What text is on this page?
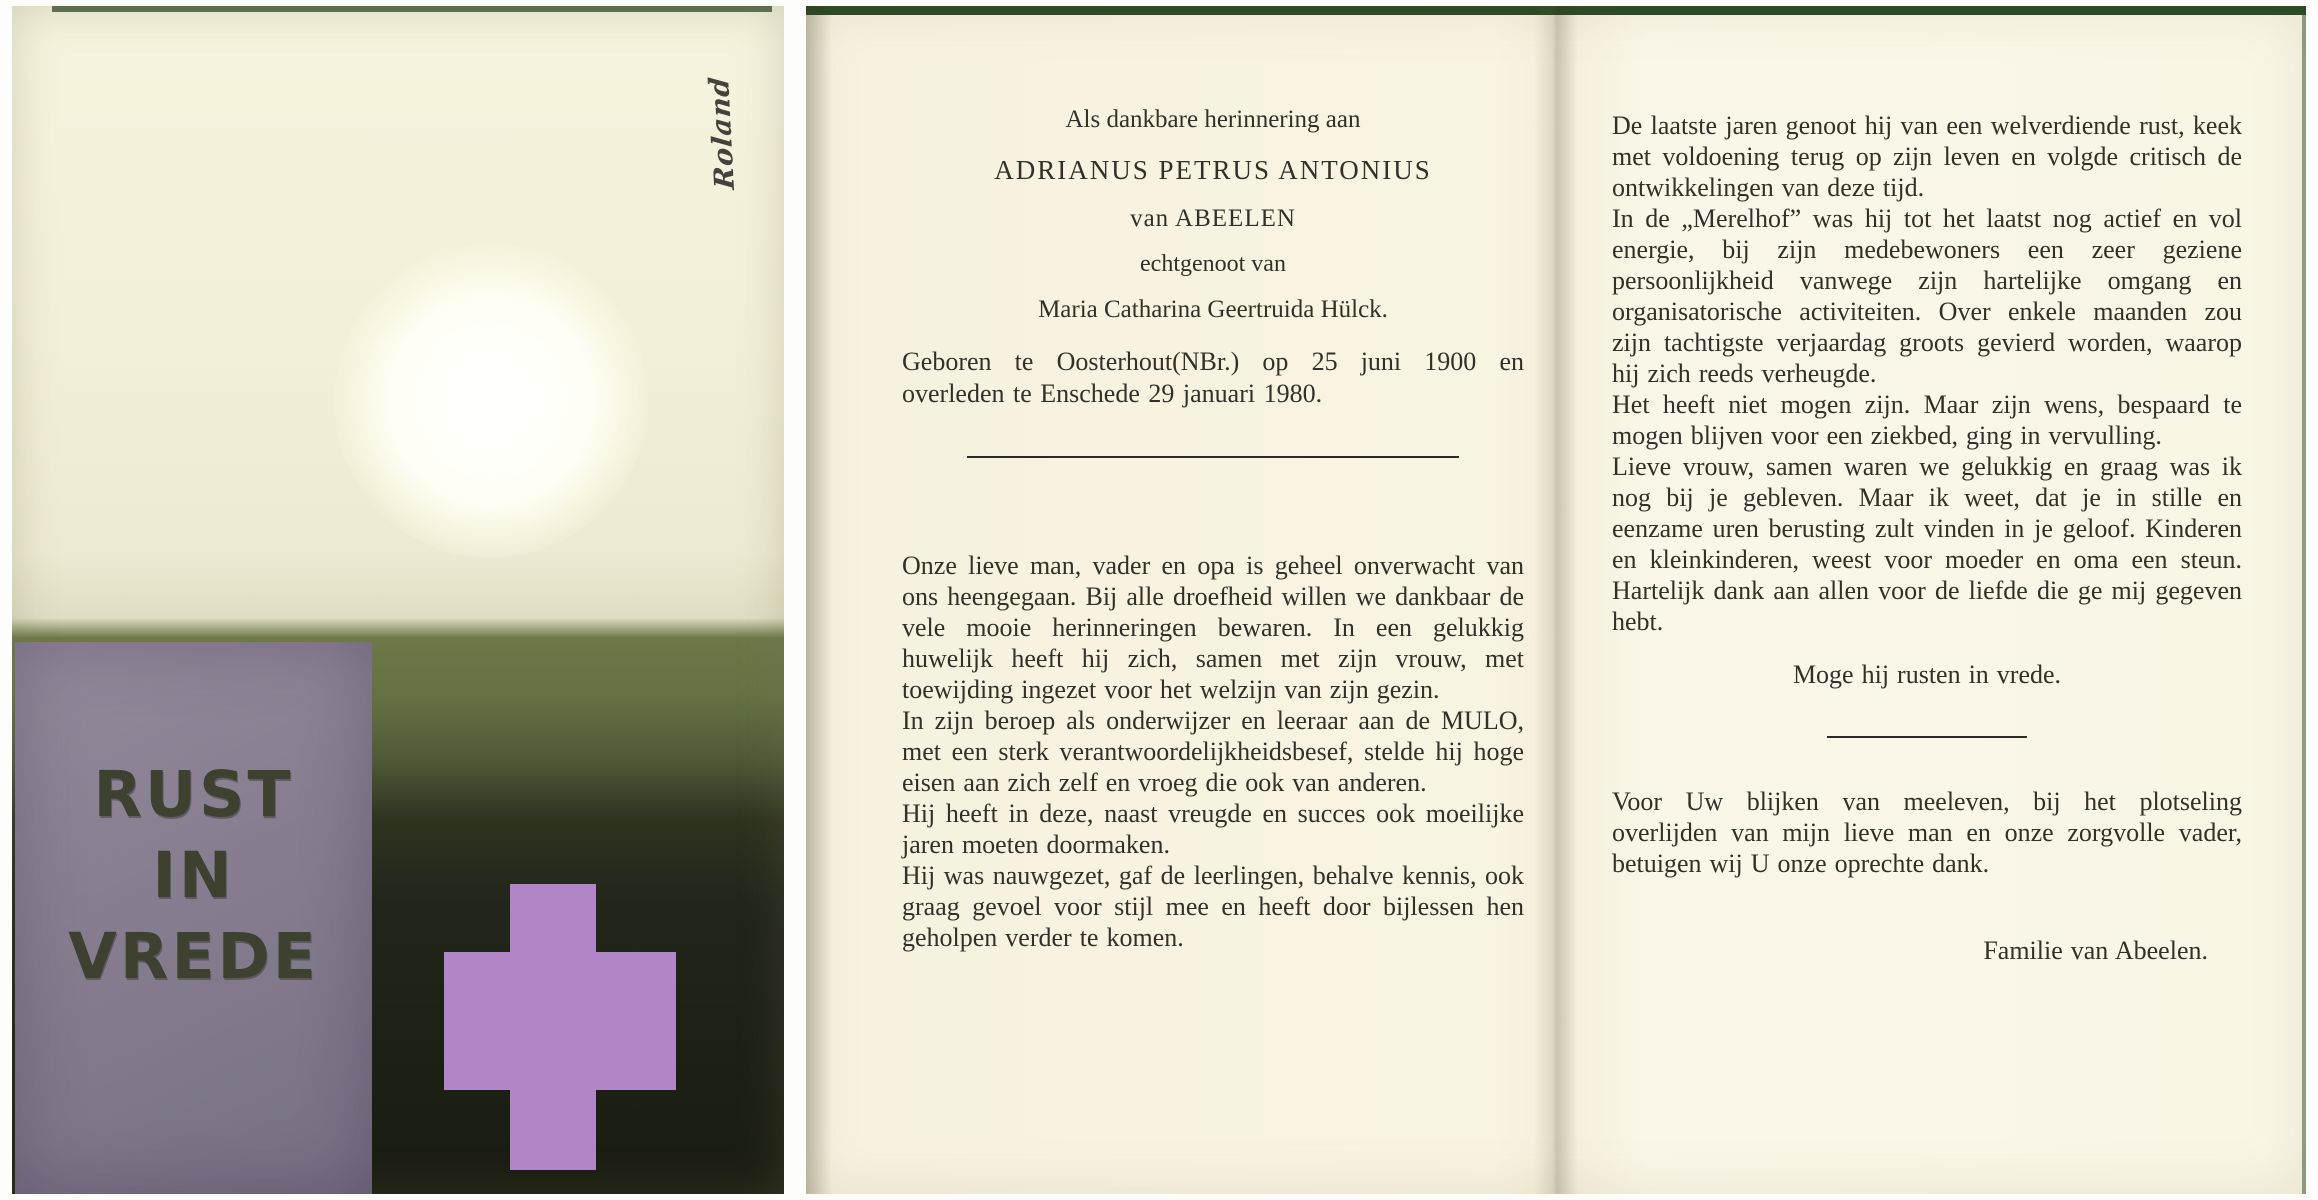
RUST
IN
VREDE
Roland	Als dankbare herinnering aan
ADRIANUS PETRUS ANTONIUS
van ABEELEN
echtgenoot van
Maria Catharina Geertruida Hülck.

Geboren te Oosterhout(NBr.) op 25 juni 1900 en overleden te Enschede 29 januari 1980.

Onze lieve man, vader en opa is geheel onverwacht van ons heengegaan. Bij alle droefheid willen we dankbaar de vele mooie herinneringen bewaren. In een gelukkig huwelijk heeft hij zich, samen met zijn vrouw, met toewijding ingezet voor het welzijn van zijn gezin.

In zijn beroep als onderwijzer en leeraar aan de MULO, met een sterk verantwoordelijkheidsbesef, stelde hij hoge eisen aan zich zelf en vroeg die ook van anderen.

Hij heeft in deze, naast vreugde en succes ook moeilijke jaren moeten doormaken.

Hij was nauwgezet, gaf de leerlingen, behalve kennis, ook graag gevoel voor stijl mee en heeft door bijlessen hen geholpen verder te komen.

De laatste jaren genoot hij van een welverdiende rust, keek met voldoening terug op zijn leven en volgde critisch de ontwikkelingen van deze tijd.

In de „Merelhof” was hij tot het laatst nog actief en vol energie, bij zijn medebewoners een zeer geziene persoonlijkheid vanwege zijn hartelijke omgang en organisatorische activiteiten. Over enkele maanden zou zijn tachtigste verjaardag groots gevierd worden, waarop hij zich reeds verheugde.

Het heeft niet mogen zijn. Maar zijn wens, bespaard te mogen blijven voor een ziekbed, ging in vervulling.

Lieve vrouw, samen waren we gelukkig en graag was ik nog bij je gebleven. Maar ik weet, dat je in stille en eenzame uren berusting zult vinden in je geloof. Kinderen en kleinkinderen, weest voor moeder en oma een steun. Hartelijk dank aan allen voor de liefde die ge mij gegeven hebt.

Moge hij rusten in vrede.

Voor Uw blijken van meeleven, bij het plotseling overlijden van mijn lieve man en onze zorgvolle vader, betuigen wij U onze oprechte dank.

Familie van Abeelen.
